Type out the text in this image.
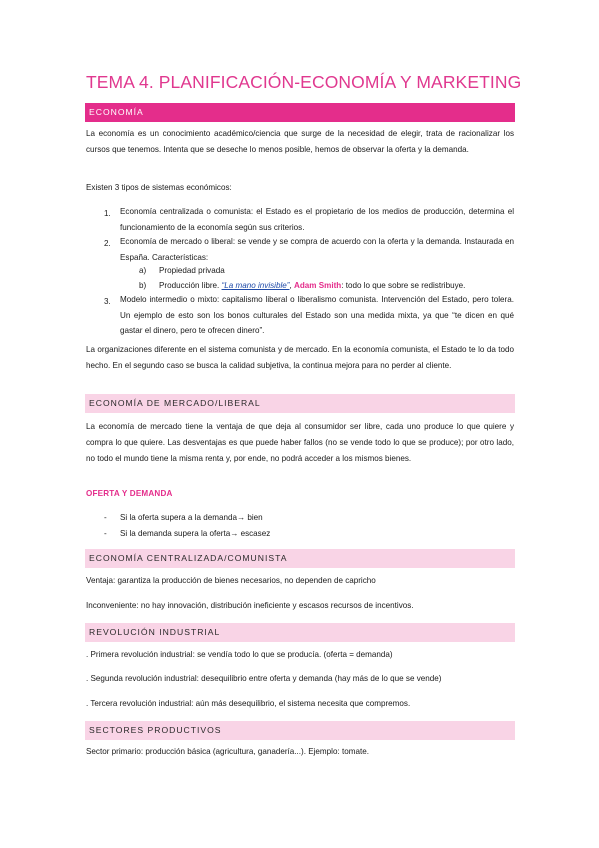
TEMA 4. PLANIFICACIÓN-ECONOMÍA Y MARKETING
ECONOMÍA
La economía es un conocimiento académico/ciencia que surge de la necesidad de elegir, trata de racionalizar los cursos que tenemos. Intenta que se deseche lo menos posible, hemos de observar la oferta y la demanda.
Existen 3 tipos de sistemas económicos:
1. Economía centralizada o comunista: el Estado es el propietario de los medios de producción, determina el funcionamiento de la economía según sus criterios.
2. Economía de mercado o liberal: se vende y se compra de acuerdo con la oferta y la demanda. Instaurada en España. Características:
a) Propiedad privada
b) Producción libre. “La mano invisible”, Adam Smith: todo lo que sobre se redistribuye.
3. Modelo intermedio o mixto: capitalismo liberal o liberalismo comunista. Intervención del Estado, pero tolera. Un ejemplo de esto son los bonos culturales del Estado son una medida mixta, ya que “te dicen en qué gastar el dinero, pero te ofrecen dinero”.
La organizaciones diferente en el sistema comunista y de mercado. En la economía comunista, el Estado te lo da todo hecho. En el segundo caso se busca la calidad subjetiva, la continua mejora para no perder al cliente.
ECONOMÍA DE MERCADO/LIBERAL
La economía de mercado tiene la ventaja de que deja al consumidor ser libre, cada uno produce lo que quiere y compra lo que quiere. Las desventajas es que puede haber fallos (no se vende todo lo que se produce); por otro lado, no todo el mundo tiene la misma renta y, por ende, no podrá acceder a los mismos bienes.
OFERTA Y DEMANDA
- Si la oferta supera a la demanda→ bien
- Si la demanda supera la oferta→ escasez
ECONOMÍA CENTRALIZADA/COMUNISTA
Ventaja: garantiza la producción de bienes necesarios, no dependen de capricho
Inconveniente: no hay innovación, distribución ineficiente y escasos recursos de incentivos.
REVOLUCIÓN INDUSTRIAL
. Primera revolución industrial: se vendía todo lo que se producía. (oferta = demanda)
. Segunda revolución industrial: desequilibrio entre oferta y demanda (hay más de lo que se vende)
. Tercera revolución industrial: aún más desequilibrio, el sistema necesita que compremos.
SECTORES PRODUCTIVOS
Sector primario: producción básica (agricultura, ganadería...). Ejemplo: tomate.
